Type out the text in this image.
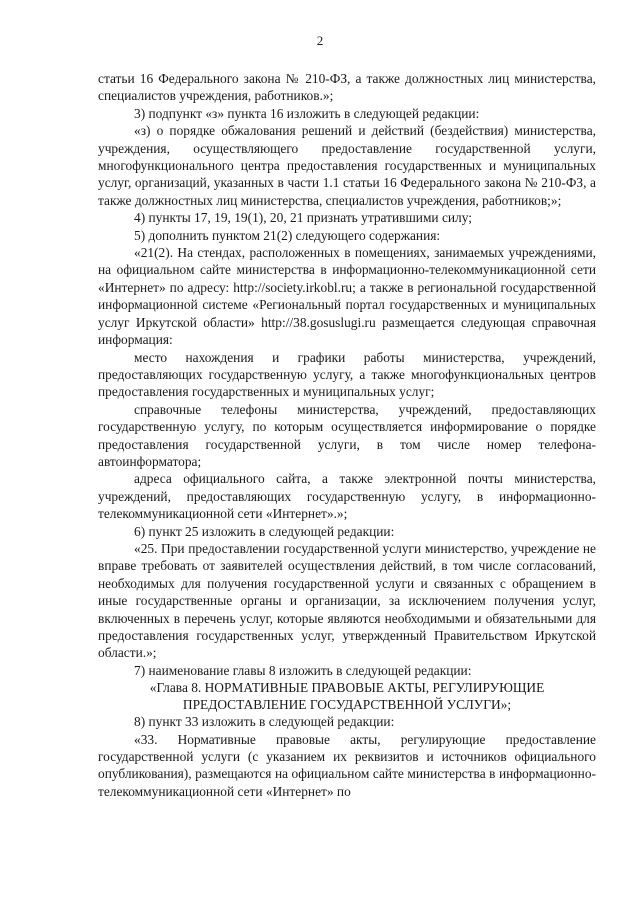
2

статьи 16 Федерального закона № 210-ФЗ, а также должностных лиц министерства, специалистов учреждения, работников.»;

3) подпункт «з» пункта 16 изложить в следующей редакции:

«з) о порядке обжалования решений и действий (бездействия) министерства, учреждения, осуществляющего предоставление государственной услуги, многофункционального центра предоставления государственных и муниципальных услуг, организаций, указанных в части 1.1 статьи 16 Федерального закона № 210-ФЗ, а также должностных лиц министерства, специалистов учреждения, работников;»;

4) пункты 17, 19, 19(1), 20, 21 признать утратившими силу;

5) дополнить пунктом 21(2) следующего содержания:

«21(2). На стендах, расположенных в помещениях, занимаемых учреждениями, на официальном сайте министерства в информационно-телекоммуникационной сети «Интернет» по адресу: http://society.irkobl.ru; а также в региональной государственной информационной системе «Региональный портал государственных и муниципальных услуг Иркутской области» http://38.gosuslugi.ru размещается следующая справочная информация:

место нахождения и графики работы министерства, учреждений, предоставляющих государственную услугу, а также многофункциональных центров предоставления государственных и муниципальных услуг;

справочные телефоны министерства, учреждений, предоставляющих государственную услугу, по которым осуществляется информирование о порядке предоставления государственной услуги, в том числе номер телефона-автоинформатора;

адреса официального сайта, а также электронной почты министерства, учреждений, предоставляющих государственную услугу, в информационно-телекоммуникационной сети «Интернет».»;

6) пункт 25 изложить в следующей редакции:

«25. При предоставлении государственной услуги министерство, учреждение не вправе требовать от заявителей осуществления действий, в том числе согласований, необходимых для получения государственной услуги и связанных с обращением в иные государственные органы и организации, за исключением получения услуг, включенных в перечень услуг, которые являются необходимыми и обязательными для предоставления государственных услуг, утвержденный Правительством Иркутской области.»;

7) наименование главы 8 изложить в следующей редакции:

«Глава 8. НОРМАТИВНЫЕ ПРАВОВЫЕ АКТЫ, РЕГУЛИРУЮЩИЕ ПРЕДОСТАВЛЕНИЕ ГОСУДАРСТВЕННОЙ УСЛУГИ»;

8) пункт 33 изложить в следующей редакции:

«33. Нормативные правовые акты, регулирующие предоставление государственной услуги (с указанием их реквизитов и источников официального опубликования), размещаются на официальном сайте министерства в информационно-телекоммуникационной сети «Интернет» по
